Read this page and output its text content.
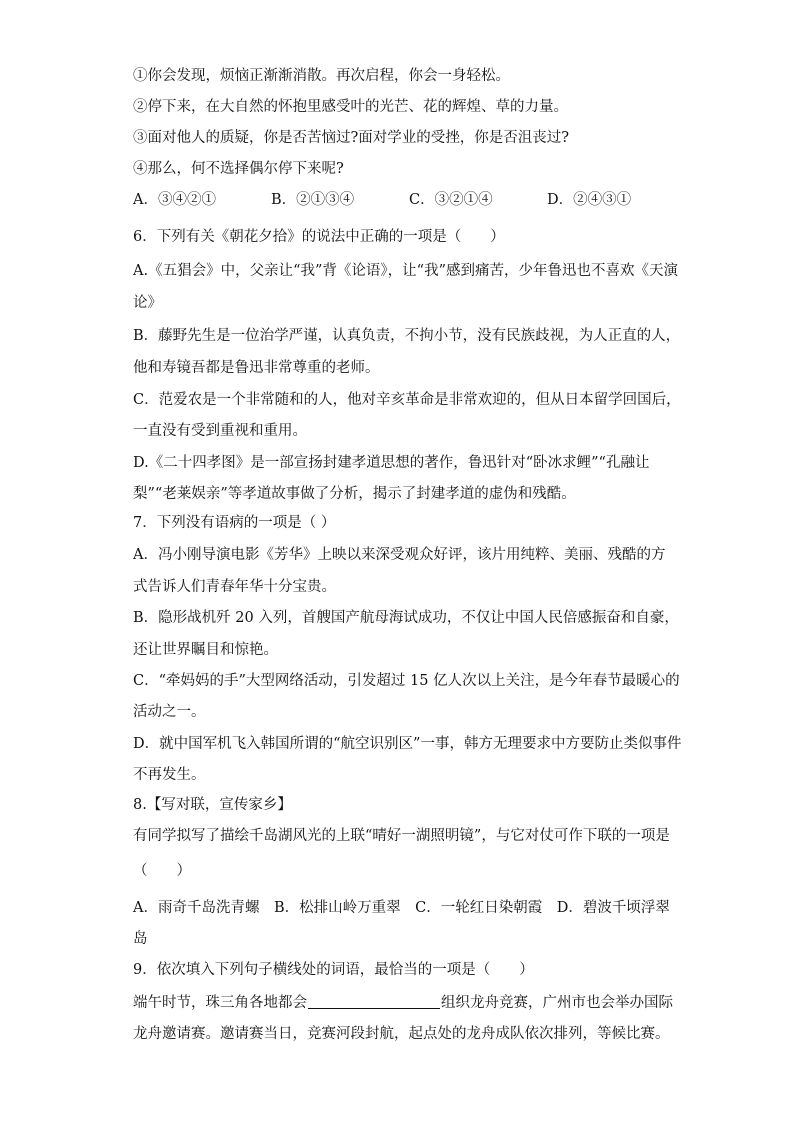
①你会发现，烦恼正渐渐消散。再次启程，你会一身轻松。
②停下来，在大自然的怀抱里感受叶的光芒、花的辉煌、草的力量。
③面对他人的质疑，你是否苦恼过?面对学业的受挫，你是否沮丧过?
④那么，何不选择偶尔停下来呢?
A．③④②①	B．②①③④	C．③②①④	D．②④③①
6．下列有关《朝花夕拾》的说法中正确的一项是（　　）
A.《五猖会》中，父亲让“我”背《论语》，让“我”感到痛苦，少年鲁迅也不喜欢《天演
论》
B．藤野先生是一位治学严谨，认真负责，不拘小节，没有民族歧视，为人正直的人，
他和寿镜吾都是鲁迅非常尊重的老师。
C．范爱农是一个非常随和的人，他对辛亥革命是非常欢迎的，但从日本留学回国后，
一直没有受到重视和重用。
D.《二十四孝图》是一部宣扬封建孝道思想的著作，鲁迅针对“卧冰求鲤”“孔融让
梨”“老莱娱亲”等孝道故事做了分析，揭示了封建孝道的虚伪和残酷。
7．下列没有语病的一项是（ ）
A．冯小刚导演电影《芳华》上映以来深受观众好评，该片用纯粹、美丽、残酷的方
式告诉人们青春年华十分宝贵。
B．隐形战机歼 20 入列，首艘国产航母海试成功，不仅让中国人民倍感振奋和自豪，
还让世界瞩目和惊艳。
C．“牵妈妈的手”大型网络活动，引发超过 15 亿人次以上关注，是今年春节最暖心的
活动之一。
D．就中国军机飞入韩国所谓的“航空识别区”一事，韩方无理要求中方要防止类似事件
不再发生。
8.【写对联，宣传家乡】
有同学拟写了描绘千岛湖风光的上联“晴好一湖照明镜”，与它对仗可作下联的一项是
（　　）
A．雨奇千岛洗青螺　B．松排山岭万重翠　C．一轮红日染朝霞　D．碧波千顷浮翠
岛
9．依次填入下列句子横线处的词语，最恰当的一项是（　　）
端午时节，珠三角各地都会	组织龙舟竞赛，广州市也会举办国际
龙舟邀请赛。邀请赛当日，竞赛河段封航，起点处的龙舟成队依次排列，等候比赛。
